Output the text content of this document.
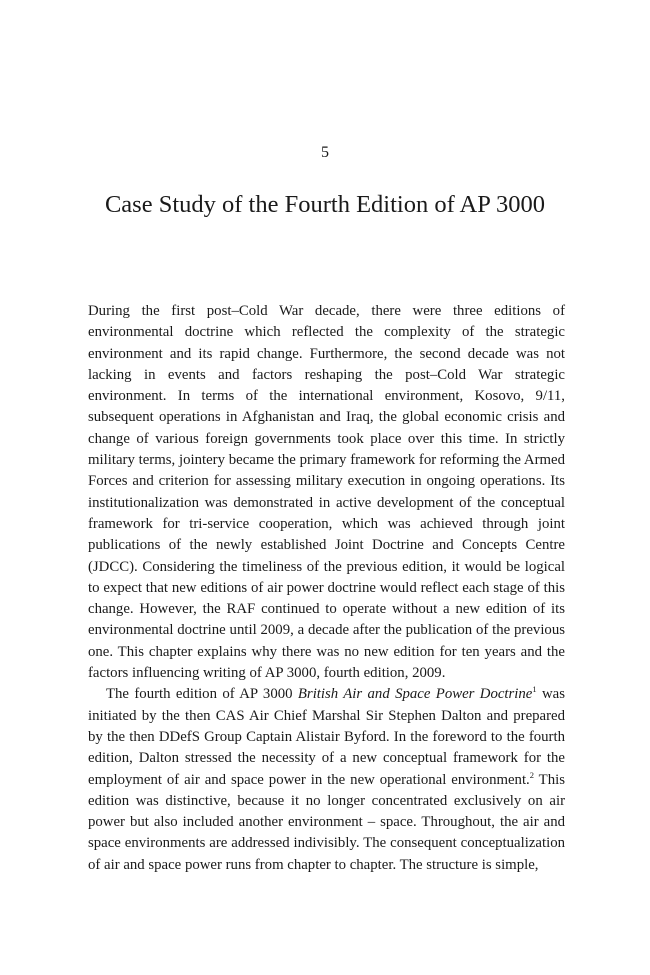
5
Case Study of the Fourth Edition of AP 3000

During the first post–Cold War decade, there were three editions of environmental doctrine which reflected the complexity of the strategic environment and its rapid change. Furthermore, the second decade was not lacking in events and factors reshaping the post–Cold War strategic environment. In terms of the international environment, Kosovo, 9/11, subsequent operations in Afghanistan and Iraq, the global economic crisis and change of various foreign governments took place over this time. In strictly military terms, jointery became the primary framework for reforming the Armed Forces and criterion for assessing military execution in ongoing operations. Its institutionalization was demonstrated in active development of the conceptual framework for tri-service cooperation, which was achieved through joint publications of the newly established Joint Doctrine and Concepts Centre (JDCC). Considering the timeliness of the previous edition, it would be logical to expect that new editions of air power doctrine would reflect each stage of this change. However, the RAF continued to operate without a new edition of its environmental doctrine until 2009, a decade after the publication of the previous one. This chapter explains why there was no new edition for ten years and the factors influencing writing of AP 3000, fourth edition, 2009.

The fourth edition of AP 3000 British Air and Space Power Doctrine$^1$ was initiated by the then CAS Air Chief Marshal Sir Stephen Dalton and prepared by the then DDefS Group Captain Alistair Byford. In the foreword to the fourth edition, Dalton stressed the necessity of a new conceptual framework for the employment of air and space power in the new operational environment.$^2$ This edition was distinctive, because it no longer concentrated exclusively on air power but also included another environment – space. Throughout, the air and space environments are addressed indivisibly. The consequent conceptualization of air and space power runs from chapter to chapter. The structure is simple,
